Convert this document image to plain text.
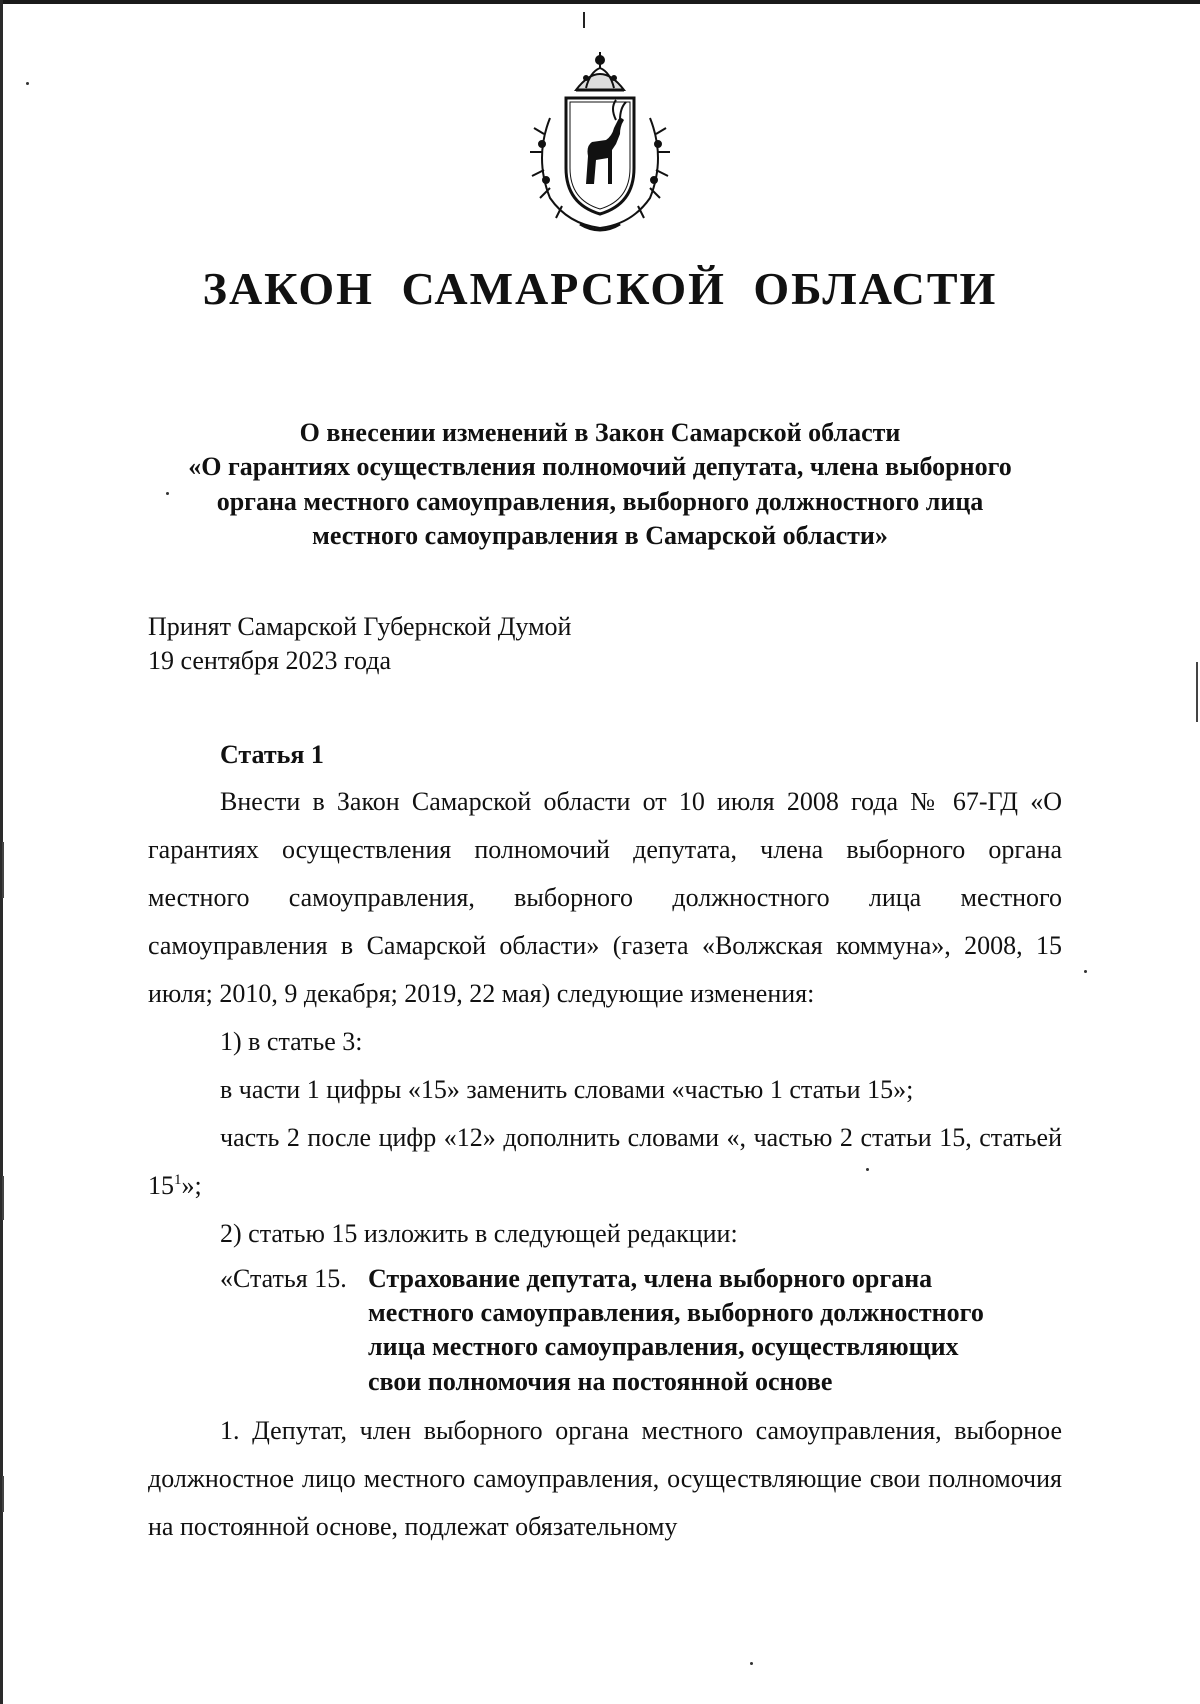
ЗАКОН САМАРСКОЙ ОБЛАСТИ
О внесении изменений в Закон Самарской области
«О гарантиях осуществления полномочий депутата, члена выборного
органа местного самоуправления, выборного должностного лица
местного самоуправления в Самарской области»
Принят Самарской Губернской Думой
19 сентября 2023 года
Статья 1

Внести в Закон Самарской области от 10 июля 2008 года № 67-ГД «О гарантиях осуществления полномочий депутата, члена выборного органа местного самоуправления, выборного должностного лица местного самоуправления в Самарской области» (газета «Волжская коммуна», 2008, 15 июля; 2010, 9 декабря; 2019, 22 мая) следующие изменения:

1) в статье 3:

в части 1 цифры «15» заменить словами «частью 1 статьи 15»;

часть 2 после цифр «12» дополнить словами «, частью 2 статьи 15, статьей $15^1$»;

2) статью 15 изложить в следующей редакции:

«Статья 15. Страхование депутата, члена выборного органа
местного самоуправления, выборного должностного
лица местного самоуправления, осуществляющих
свои полномочия на постоянной основе

1. Депутат, член выборного органа местного самоуправления, выборное должностное лицо местного самоуправления, осуществляющие свои полномочия на постоянной основе, подлежат обязательному
